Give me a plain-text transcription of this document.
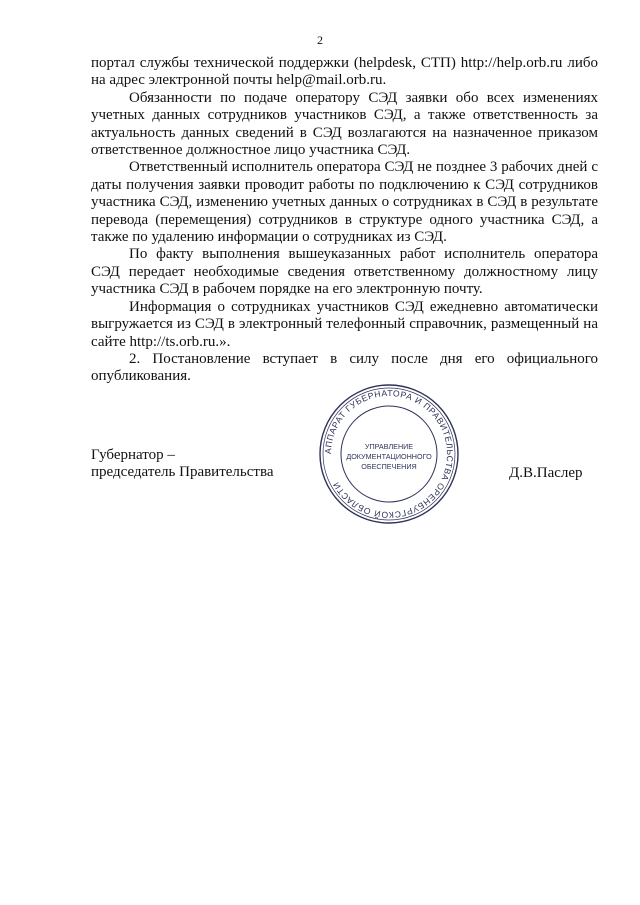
2

портал службы технической поддержки (helpdesk, СТП) http://help.orb.ru либо на адрес электронной почты help@mail.orb.ru.

Обязанности по подаче оператору СЭД заявки обо всех изменениях учетных данных сотрудников участников СЭД, а также ответственность за актуальность данных сведений в СЭД возлагаются на назначенное приказом ответственное должностное лицо участника СЭД.

Ответственный исполнитель оператора СЭД не позднее 3 рабочих дней с даты получения заявки проводит работы по подключению к СЭД сотрудников участника СЭД, изменению учетных данных о сотрудниках в СЭД в результате перевода (перемещения) сотрудников в структуре одного участника СЭД, а также по удалению информации о сотрудниках из СЭД.

По факту выполнения вышеуказанных работ исполнитель оператора СЭД передает необходимые сведения ответственному должностному лицу участника СЭД в рабочем порядке на его электронную почту.

Информация о сотрудниках участников СЭД ежедневно автоматически выгружается из СЭД в электронный телефонный справочник, размещенный на сайте http://ts.orb.ru.».

2. Постановление вступает в силу после дня его официального опубликования.

Губернатор –
председатель Правительства	Д.В.Паслер
АППАРАТ ГУБЕРНАТОРА И ПРАВИТЕЛЬСТВА ОРЕНБУРГСКОЙ ОБЛАСТИ
УПРАВЛЕНИЕ
ДОКУМЕНТАЦИОННОГО
ОБЕСПЕЧЕНИЯ
